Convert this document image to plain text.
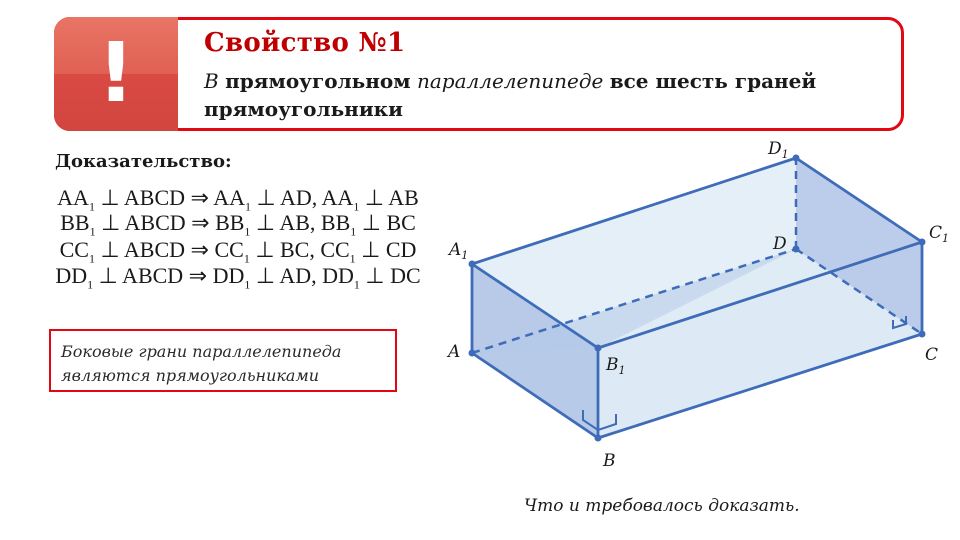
!	Свойство №1
В прямоугольном параллелепипеде все шесть граней прямоугольники
Доказательство:
$AA_1$ ⊥ ABCD ⇒ $AA_1$ ⊥ AD, $AA_1$ ⊥ AB
$BB_1$ ⊥ ABCD ⇒ $BB_1$ ⊥ AB, $BB_1$ ⊥ BC
$CC_1$ ⊥ ABCD ⇒ $CC_1$ ⊥ BC, $CC_1$ ⊥ CD
$DD_1$ ⊥ ABCD ⇒ $DD_1$ ⊥ AD, $DD_1$ ⊥ DC
Боковые грани параллелепипеда являются прямоугольниками
Что и требовалось доказать.
A
B
C
D
$A_1$
$B_1$
$C_1$
$D_1$
